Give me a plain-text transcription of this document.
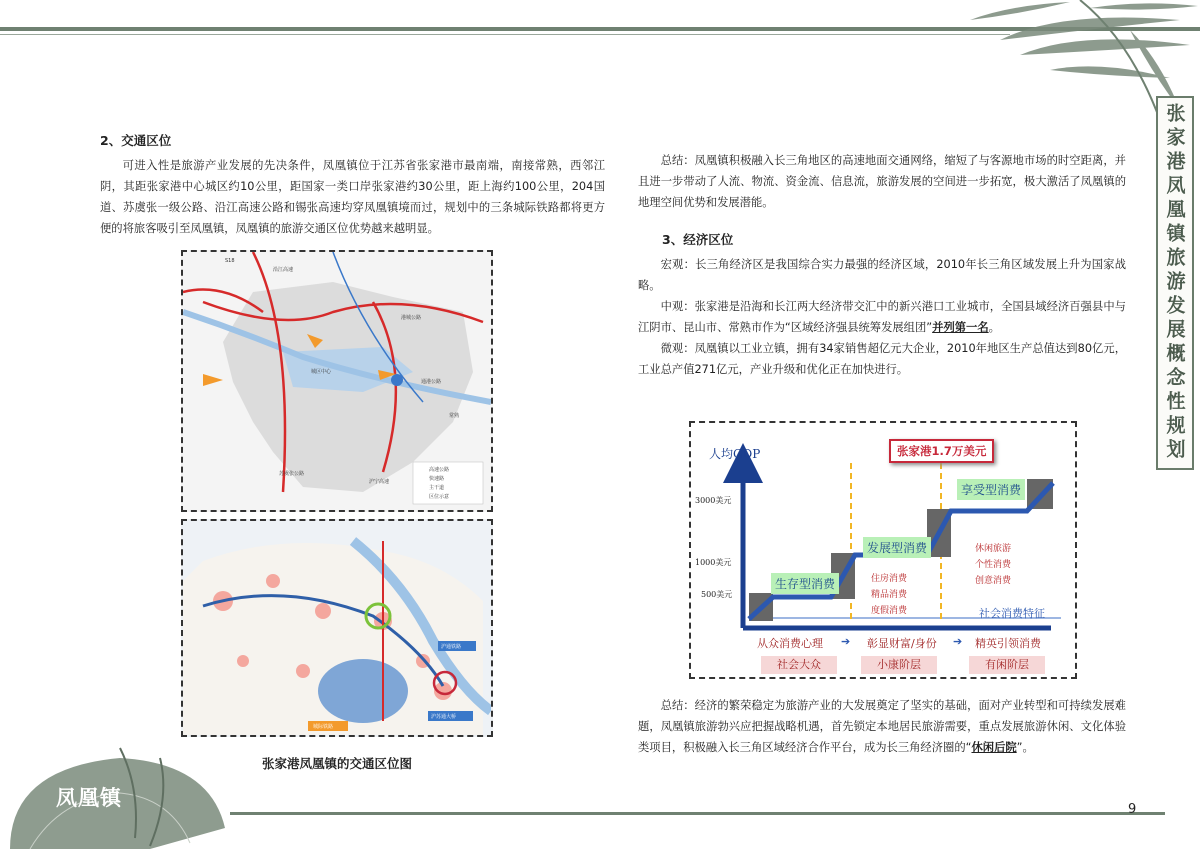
张家港凤凰镇旅游发展概念性规划
凤凰镇
2、交通区位

可进入性是旅游产业发展的先决条件，凤凰镇位于江苏省张家港市最南端，南接常熟，西邻江阴，其距张家港中心城区约10公里，距国家一类口岸张家港约30公里，距上海约100公里，204国道、苏虞张一级公路、沿江高速公路和锡张高速均穿凤凰镇境而过，规划中的三条城际铁路都将更方便的将旅客吸引至凤凰镇，凤凰镇的旅游交通区位优势越来越明显。

S18
沿江高速
港城公路
城区中心
通港公路
苏虞张公路
沪宁高速
常熟
高速公路
快速路
主干道
区位示意
沪通铁路
沪苏通大桥
城际铁路
张家港凤凰镇的交通区位图

总结：凤凰镇积极融入长三角地区的高速地面交通网络，缩短了与客源地市场的时空距离，并且进一步带动了人流、物流、资金流、信息流，旅游发展的空间进一步拓宽，极大激活了凤凰镇的地理空间优势和发展潜能。

3、经济区位

宏观：长三角经济区是我国综合实力最强的经济区域，2010年长三角区域发展上升为国家战略。

中观：张家港是沿海和长江两大经济带交汇中的新兴港口工业城市，全国县域经济百强县中与江阴市、昆山市、常熟市作为“区域经济强县统筹发展组团”并列第一名。

微观：凤凰镇以工业立镇，拥有34家销售超亿元大企业，2010年地区生产总值达到80亿元，工业总产值271亿元，产业升级和优化正在加快进行。

人均GDP
3000美元
1000美元
500美元
张家港1.7万美元
生存型消费
发展型消费
享受型消费
住房消费
精品消费
度假消费
休闲旅游
个性消费
创意消费
社会消费特征
从众消费心理	彰显财富/身份	精英引领消费
➔	➔
社会大众	小康阶层	有闲阶层

总结：经济的繁荣稳定为旅游产业的大发展奠定了坚实的基础，面对产业转型和可持续发展难题，凤凰镇旅游勃兴应把握战略机遇，首先锁定本地居民旅游需要，重点发展旅游休闲、文化体验类项目，积极融入长三角区域经济合作平台，成为长三角经济圈的“休闲后院”。

9
